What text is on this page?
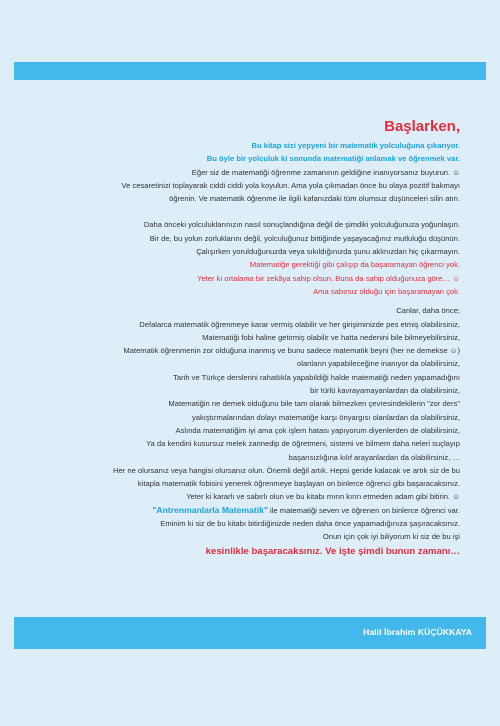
Başlarken,
Bu kitap sizi yepyeni bir matematik yolculuğuna çıkarıyor.
Bu öyle bir yolculuk ki sonunda matematiği anlamak ve öğrenmek var.
Eğer siz de matematiği öğrenme zamanının geldiğine inanıyorsanız buyurun. ☺
Ve cesaretinizi toplayarak ciddi ciddi yola koyulun. Ama yola çıkmadan önce bu olaya pozitif bakmayı
öğrenin. Ve matematik öğrenme ile ilgili kafanızdaki tüm olumsuz düşünceleri silin atın.
Daha önceki yolculuklarınızın nasıl sonuçlandığına değil de şimdiki yolculuğunuza yoğunlaşın.
Bir de, bu yolun zorluklarını değil, yolculuğunuz bittiğinde yaşayacağınız mutluluğu düşünün.
Çalışırken yorulduğunuzda veya sıkıldığınızda şunu aklınızdan hiç çıkarmayın.
Matematiğe gerektiği gibi çalışıp da başaramayan öğrenci yok.
Yeter ki ortalama bir zekâya sahip olsun. Buna da sahip olduğunuza göre… ☺
Ama sabırsız olduğu için başaramayan çok.
Canlar, daha önce;
Defalarca matematik öğrenmeye karar vermiş olabilir ve her girişiminizde pes etmiş olabilirsiniz,
Matematiği fobi haline getirmiş olabilir ve hatta nedenini bile bilmeyebilirsiniz,
Matematik öğrenmenin zor olduğuna inanmış ve bunu sadece matematik beyni (her ne demekse ☺)
olanların yapabileceğine inanıyor da olabilirsiniz,
Tarih ve Türkçe derslerini rahatlıkla yapabildiği halde matematiği neden yapamadığını
bir türlü kavrayamayanlardan da olabilirsiniz,
Matematiğin ne demek olduğunu bile tam olarak bilmezken çevresindekilerin "zor ders"
yakıştırmalarından dolayı matematiğe karşı önyargısı olanlardan da olabilirsiniz,
Aslında matematiğim iyi ama çok işlem hatası yapıyorum diyenlerden de olabilirsiniz,
Ya da kendini kusursuz melek zannedip de öğretmeni, sistemi ve bilmem daha neleri suçlayıp
başarısızlığına kılıf arayanlardan da olabilirsiniz, …
Her ne olursanız veya hangisi olursanız olun. Önemli değil artık. Hepsi geride kalacak ve artık siz de bu
kitapla matematik fobisini yenerek öğrenmeye başlayan on binlerce öğrenci gibi başaracaksınız.
Yeter ki kararlı ve sabırlı olun ve bu kitabı mırın kırın etmeden adam gibi bitirin. ☺
"Antrenmanlarla Matematik" ile matematiği seven ve öğrenen on binlerce öğrenci var.
Eminim ki siz de bu kitabı bitirdiğinizde neden daha önce yapamadığınıza şaşıracaksınız.
Onun için çok iyi biliyorum ki siz de bu işi
kesinlikle başaracaksınız. Ve işte şimdi bunun zamanı…
Halil İbrahim KÜÇÜKKAYA
